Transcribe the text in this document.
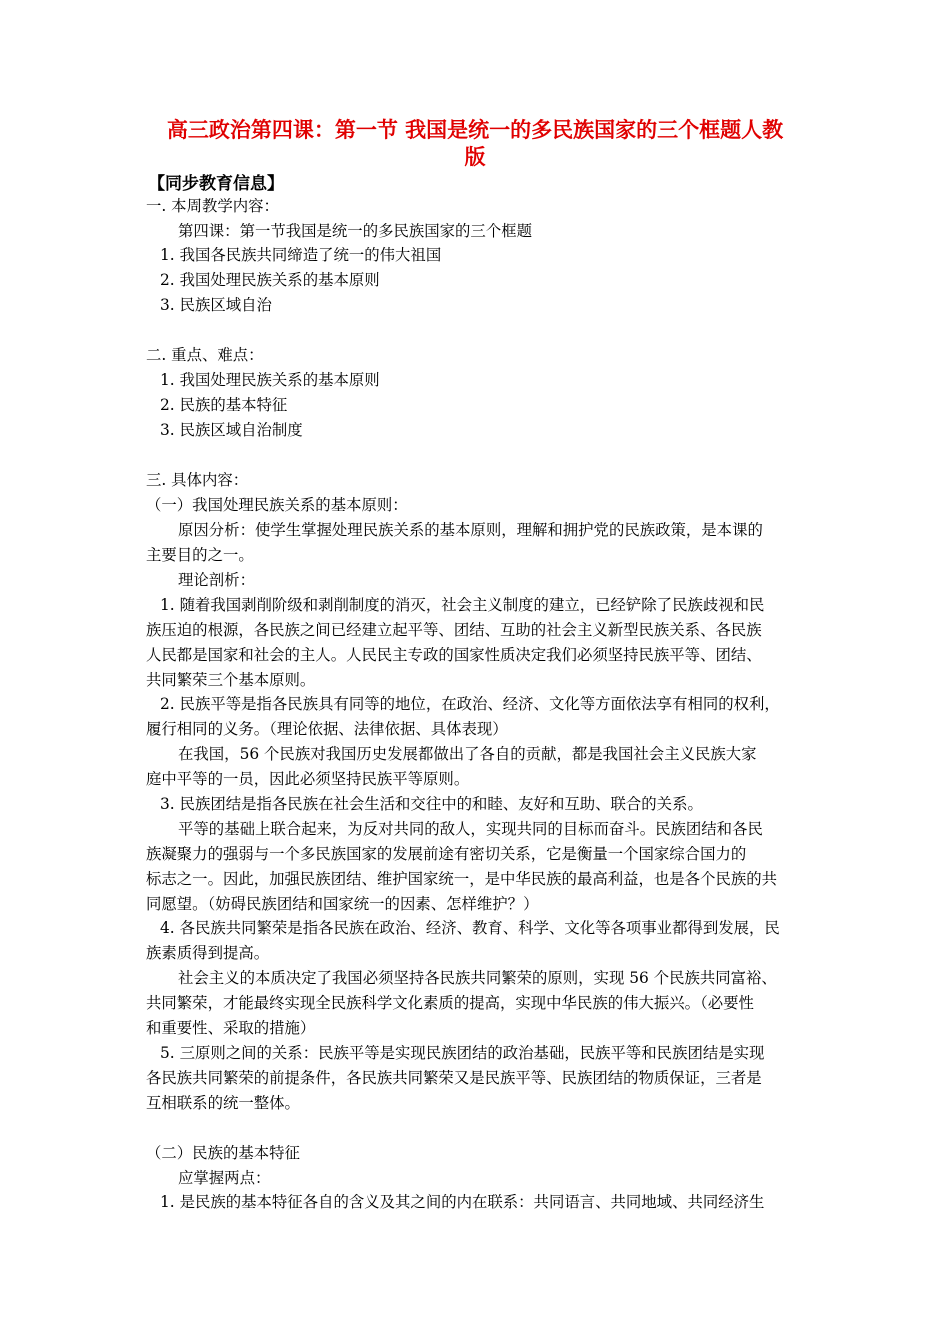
高三政治第四课：第一节 我国是统一的多民族国家的三个框题人教
版
【同步教育信息】
一. 本周教学内容：
第四课：第一节我国是统一的多民族国家的三个框题
1. 我国各民族共同缔造了统一的伟大祖国
2. 我国处理民族关系的基本原则
3. 民族区域自治
二. 重点、难点：
1. 我国处理民族关系的基本原则
2. 民族的基本特征
3. 民族区域自治制度
三. 具体内容：
（一）我国处理民族关系的基本原则：
原因分析：使学生掌握处理民族关系的基本原则，理解和拥护党的民族政策，是本课的
主要目的之一。
理论剖析：
1. 随着我国剥削阶级和剥削制度的消灭，社会主义制度的建立，已经铲除了民族歧视和民
族压迫的根源，各民族之间已经建立起平等、团结、互助的社会主义新型民族关系、各民族
人民都是国家和社会的主人。人民民主专政的国家性质决定我们必须坚持民族平等、团结、
共同繁荣三个基本原则。
2. 民族平等是指各民族具有同等的地位，在政治、经济、文化等方面依法享有相同的权利，
履行相同的义务。（理论依据、法律依据、具体表现）
在我国，56 个民族对我国历史发展都做出了各自的贡献，都是我国社会主义民族大家
庭中平等的一员，因此必须坚持民族平等原则。
3. 民族团结是指各民族在社会生活和交往中的和睦、友好和互助、联合的关系。
平等的基础上联合起来，为反对共同的敌人，实现共同的目标而奋斗。民族团结和各民
族凝聚力的强弱与一个多民族国家的发展前途有密切关系，它是衡量一个国家综合国力的
标志之一。因此，加强民族团结、维护国家统一，是中华民族的最高利益，也是各个民族的共
同愿望。（妨碍民族团结和国家统一的因素、怎样维护？）
4. 各民族共同繁荣是指各民族在政治、经济、教育、科学、文化等各项事业都得到发展，民
族素质得到提高。
社会主义的本质决定了我国必须坚持各民族共同繁荣的原则，实现 56 个民族共同富裕、
共同繁荣，才能最终实现全民族科学文化素质的提高，实现中华民族的伟大振兴。（必要性
和重要性、采取的措施）
5. 三原则之间的关系：民族平等是实现民族团结的政治基础，民族平等和民族团结是实现
各民族共同繁荣的前提条件，各民族共同繁荣又是民族平等、民族团结的物质保证，三者是
互相联系的统一整体。
（二）民族的基本特征
应掌握两点：
1. 是民族的基本特征各自的含义及其之间的内在联系：共同语言、共同地域、共同经济生
